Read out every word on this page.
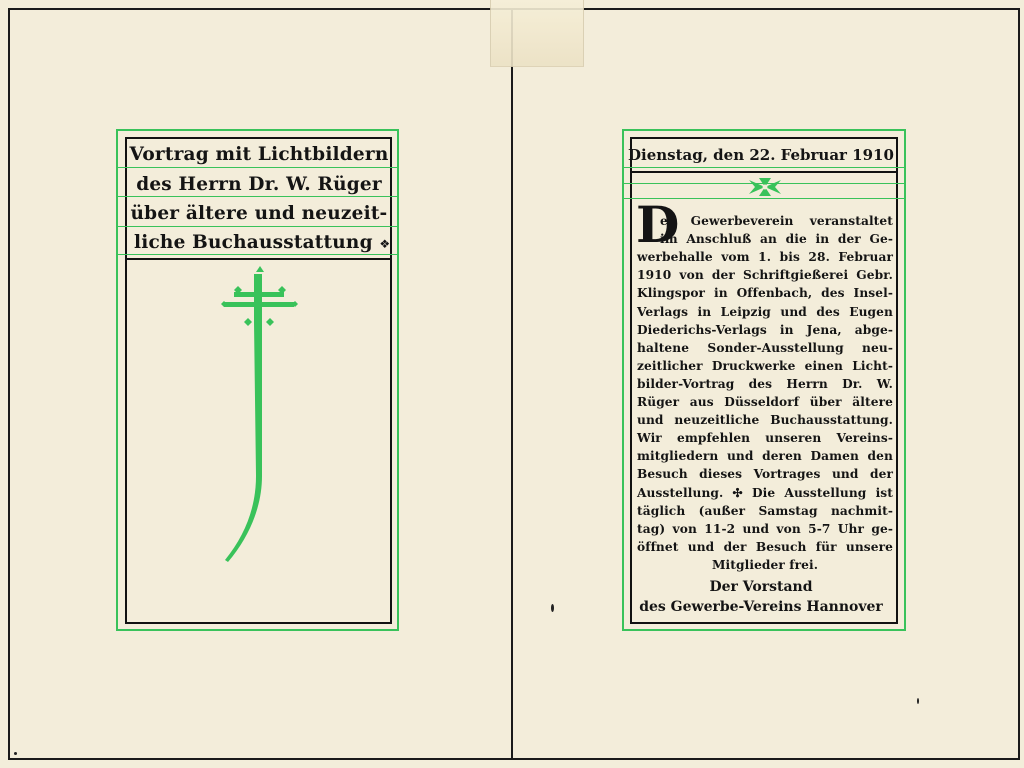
Vortrag mit Lichtbildern
des Herrn Dr. W. Rüger
über ältere und neuzeit-
liche Buchausstattung ❖
Dienstag, den 22. Februar 1910
D
er Gewerbeverein veranstaltet
im Anschluß an die in der Ge-
werbehalle vom 1. bis 28. Februar
1910 von der Schriftgießerei Gebr.
Klingspor in Offenbach, des Insel-
Verlags in Leipzig und des Eugen
Diederichs-Verlags in Jena, abge-
haltene Sonder-Ausstellung neu-
zeitlicher Druckwerke einen Licht-
bilder-Vortrag des Herrn Dr. W.
Rüger aus Düsseldorf über ältere
und neuzeitliche Buchausstattung.
Wir empfehlen unseren Vereins-
mitgliedern und deren Damen den
Besuch dieses Vortrages und der
Ausstellung. ✣ Die Ausstellung ist
täglich (außer Samstag nachmit-
tag) von 11-2 und von 5-7 Uhr ge-
öffnet und der Besuch für unsere
Mitglieder frei.
Der Vorstand
des Gewerbe-Vereins Hannover
